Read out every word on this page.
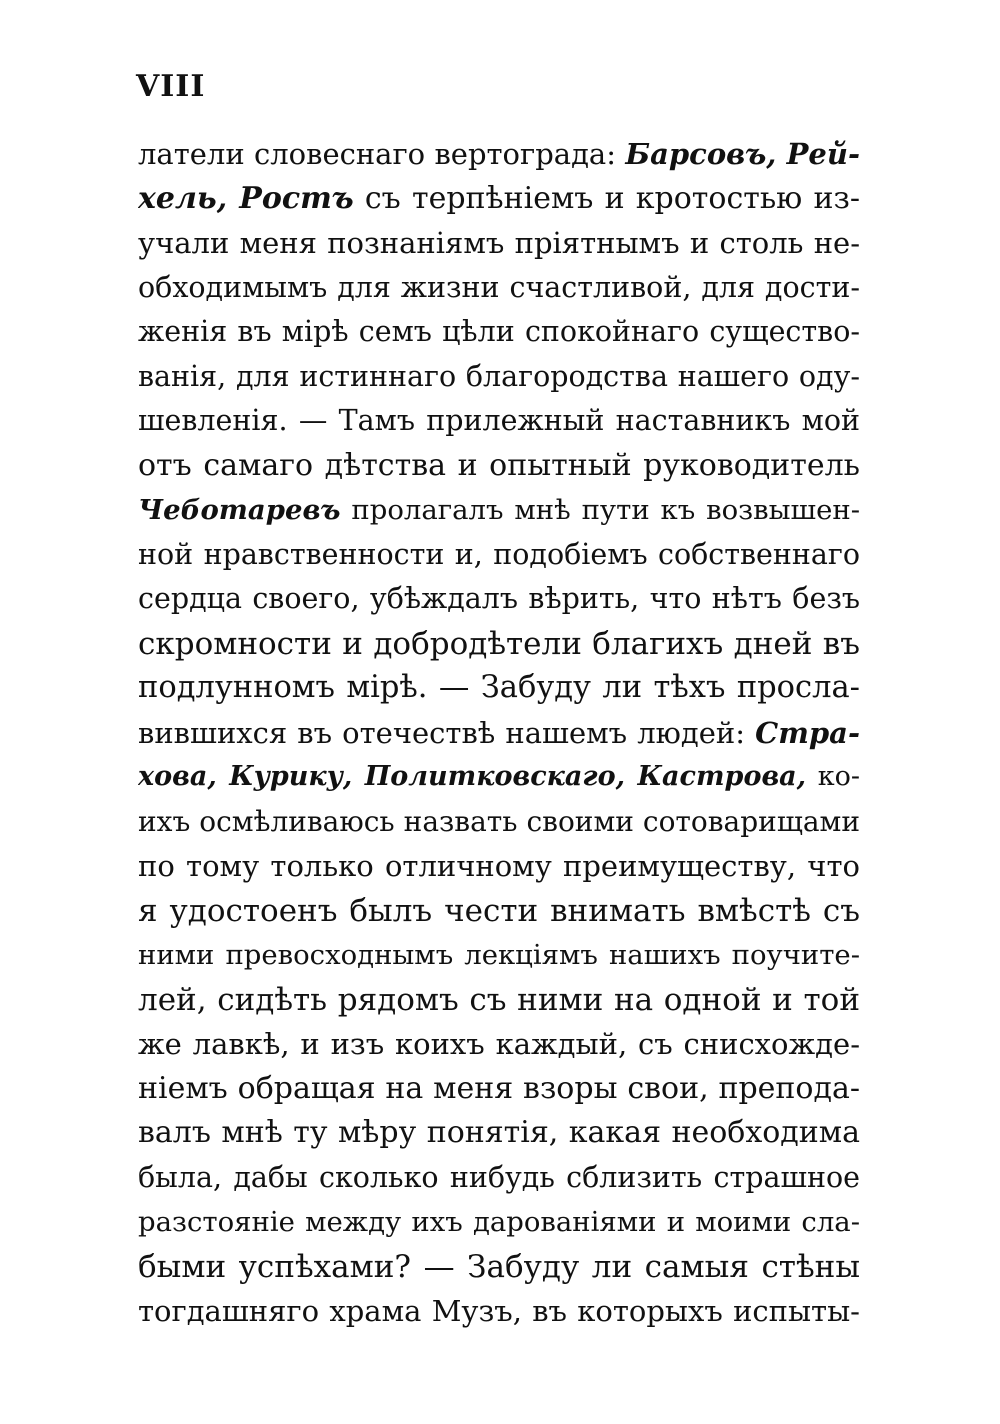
VIII
латели словеснаго вертограда: Барсовъ, Рей-
хель, Ростъ съ терпѣніемъ и кротостью из-
учали меня познаніямъ пріятнымъ и столь не-
обходимымъ для жизни счастливой, для дости-
женія въ мірѣ семъ цѣли спокойнаго существо-
ванія, для истиннаго благородства нашего оду-
шевленія. — Тамъ прилежный наставникъ мой
отъ самаго дѣтства и опытный руководитель
Чеботаревъ пролагалъ мнѣ пути къ возвышен-
ной нравственности и, подобіемъ собственнаго
сердца своего, убѣждалъ вѣрить, что нѣтъ безъ
скромности и добродѣтели благихъ дней въ
подлунномъ мірѣ. — Забуду ли тѣхъ просла-
вившихся въ отечествѣ нашемъ людей: Стра-
хова, Курику, Политковскаго, Кастрова, ко-
ихъ осмѣливаюсь назвать своими сотоварищами
по тому только отличному преимуществу, что
я удостоенъ былъ чести внимать вмѣстѣ съ
ними превосходнымъ лекціямъ нашихъ поучите-
лей, сидѣть рядомъ съ ними на одной и той
же лавкѣ, и изъ коихъ каждый, съ снисхожде-
ніемъ обращая на меня взоры свои, препода-
валъ мнѣ ту мѣру понятія, какая необходима
была, дабы сколько нибудь сблизить страшное
разстояніе между ихъ дарованіями и моими сла-
быми успѣхами? — Забуду ли самыя стѣны
тогдашняго храма Музъ, въ которыхъ испыты-
